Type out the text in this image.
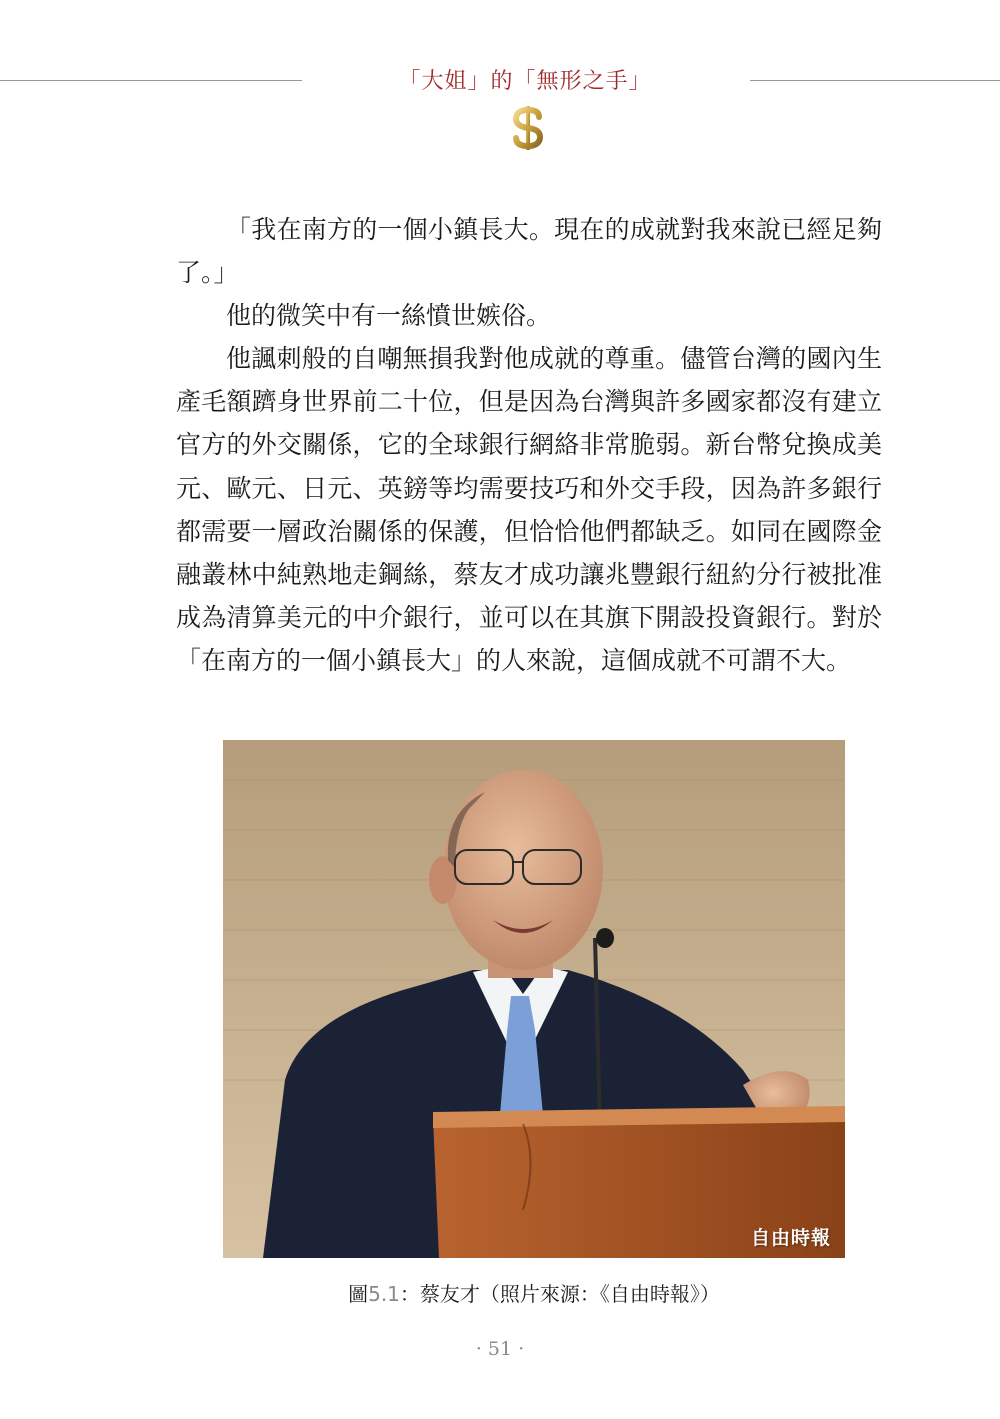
「大姐」的「無形之手」

「我在南方的一個小鎮長大。現在的成就對我來說已經足夠了。」

他的微笑中有一絲憤世嫉俗。

他諷刺般的自嘲無損我對他成就的尊重。儘管台灣的國內生產毛額躋身世界前二十位，但是因為台灣與許多國家都沒有建立官方的外交關係，它的全球銀行網絡非常脆弱。新台幣兌換成美元、歐元、日元、英鎊等均需要技巧和外交手段，因為許多銀行都需要一層政治關係的保護，但恰恰他們都缺乏。如同在國際金融叢林中純熟地走鋼絲，蔡友才成功讓兆豐銀行紐約分行被批准成為清算美元的中介銀行，並可以在其旗下開設投資銀行。對於「在南方的一個小鎮長大」的人來說，這個成就不可謂不大。

自由時報
圖5.1：蔡友才（照片來源：《自由時報》）
· 51 ·
